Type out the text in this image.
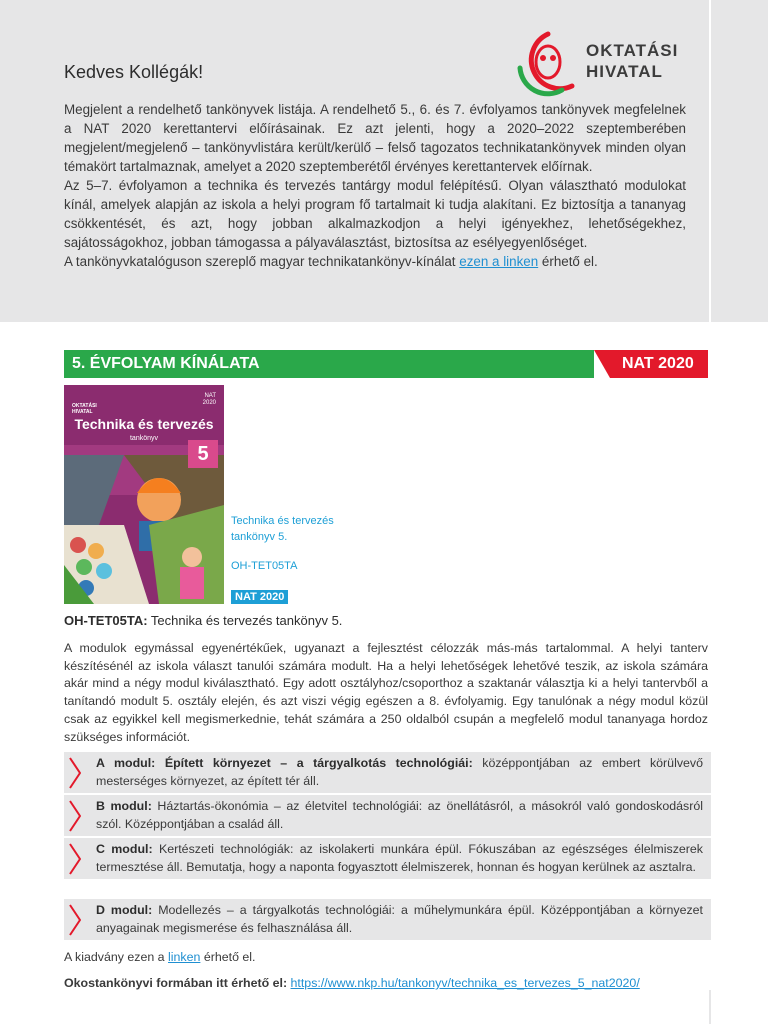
Kedves Kollégák!
OKTATÁSI
HIVATAL

Megjelent a rendelhető tankönyvek listája. A rendelhető 5., 6. és 7. évfolyamos tankönyvek megfelelnek a NAT 2020 kerettantervi előírásainak. Ez azt jelenti, hogy a 2020–2022 szeptemberében megjelent/megjelenő – tankönyvlistára került/kerülő – felső tagozatos technikatankönyvek minden olyan témakört tartalmaznak, amelyet a 2020 szeptemberétől érvényes kerettantervek előírnak.

Az 5–7. évfolyamon a technika és tervezés tantárgy modul felépítésű. Olyan választható modulokat kínál, amelyek alapján az iskola a helyi program fő tartalmait ki tudja alakítani. Ez biztosítja a tananyag csökkentését, és azt, hogy jobban alkalmazkodjon a helyi igényekhez, lehetőségekhez, sajátosságokhoz, jobban támogassa a pályaválasztást, biztosítsa az esélyegyenlőséget.

A tankönyvkatalóguson szereplő magyar technikatankönyv-kínálat ezen a linken érhető el.

5. ÉVFOLYAM KÍNÁLATA	NAT 2020
OKTATÁSI
HIVATAL
NAT
2020
Technika és tervezés
tankönyv
5
Technika és tervezés
tankönyv 5.
OH-TET05TA
NAT 2020
OH-TET05TA: Technika és tervezés tankönyv 5.
A modulok egymással egyenértékűek, ugyanazt a fejlesztést célozzák más-más tartalommal. A helyi tanterv készítésénél az iskola választ tanulói számára modult. Ha a helyi lehetőségek lehetővé teszik, az iskola számára akár mind a négy modul kiválasztható. Egy adott osztályhoz/csoporthoz a szaktanár választja ki a helyi tantervből a tanítandó modult 5. osztály elején, és azt viszi végig egészen a 8. évfolyamig. Egy tanulónak a négy modul közül csak az egyikkel kell megismerkednie, tehát számára a 250 oldalból csupán a megfelelő modul tananyaga hordoz szükséges információt.
A modul: Épített környezet – a tárgyalkotás technológiái: középpontjában az embert körülvevő mesterséges környezet, az épített tér áll.
B modul: Háztartás-ökonómia – az életvitel technológiái: az önellátásról, a másokról való gondoskodásról szól. Középpontjában a család áll.
C modul: Kertészeti technológiák: az iskolakerti munkára épül. Fókuszában az egészséges élelmiszerek termesztése áll. Bemutatja, hogy a naponta fogyasztott élelmiszerek, honnan és hogyan kerülnek az asztalra.
D modul: Modellezés – a tárgyalkotás technológiái: a műhelymunkára épül. Középpontjában a környezet anyagainak megismerése és felhasználása áll.
A kiadvány ezen a linken érhető el.
Okostankönyvi formában itt érhető el: https://www.nkp.hu/tankonyv/technika_es_tervezes_5_nat2020/
